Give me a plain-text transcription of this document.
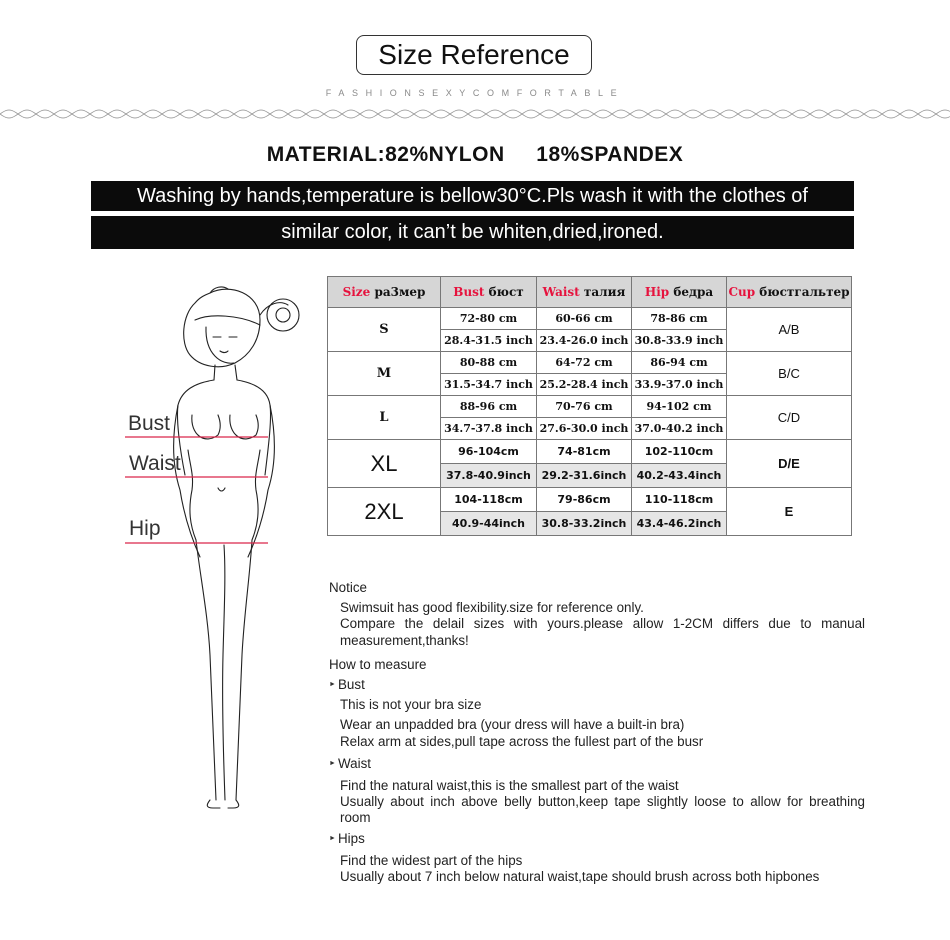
Size Reference
FASHIONSEXYCOMFORTABLE
MATERIAL:82%NYLON     18%SPANDEX
Washing by hands,temperature is bellow30°C.Pls wash it with the clothes of
similar color, it can’t be whiten,dried,ironed.
Bust
Waist
Hip
Size рa3мep	Bust бюст	Waist талия	Hip бедра	Cup бюстгальтер
S	72-80 cm	60-66 cm	78-86 cm	A/B
	28.4-31.5 inch	23.4-26.0 inch	30.8-33.9 inch	
M	80-88 cm	64-72 cm	86-94 cm	B/C
	31.5-34.7 inch	25.2-28.4 inch	33.9-37.0 inch	
L	88-96 cm	70-76 cm	94-102 cm	C/D
	34.7-37.8 inch	27.6-30.0 inch	37.0-40.2 inch	
XL	96-104cm	74-81cm	102-110cm	D/E
	37.8-40.9inch	29.2-31.6inch	40.2-43.4inch	
2XL	104-118cm	79-86cm	110-118cm	E
	40.9-44inch	30.8-33.2inch	43.4-46.2inch	

Notice

Swimsuit has good flexibility.size for reference only.

Compare the delail sizes with yours.please allow 1-2CM differs due to manual measurement,thanks!

How to measure

► Bust

This is not your bra size

Wear an unpadded bra (your dress will have a built-in bra)

Relax arm at sides,pull tape across the fullest part of the busr

► Waist

Find the natural waist,this is the smallest part of the waist

Usually about inch above belly button,keep tape slightly loose to allow for breathing room

► Hips

Find the widest part of the hips

Usually about 7 inch below natural waist,tape should brush across both hipbones
